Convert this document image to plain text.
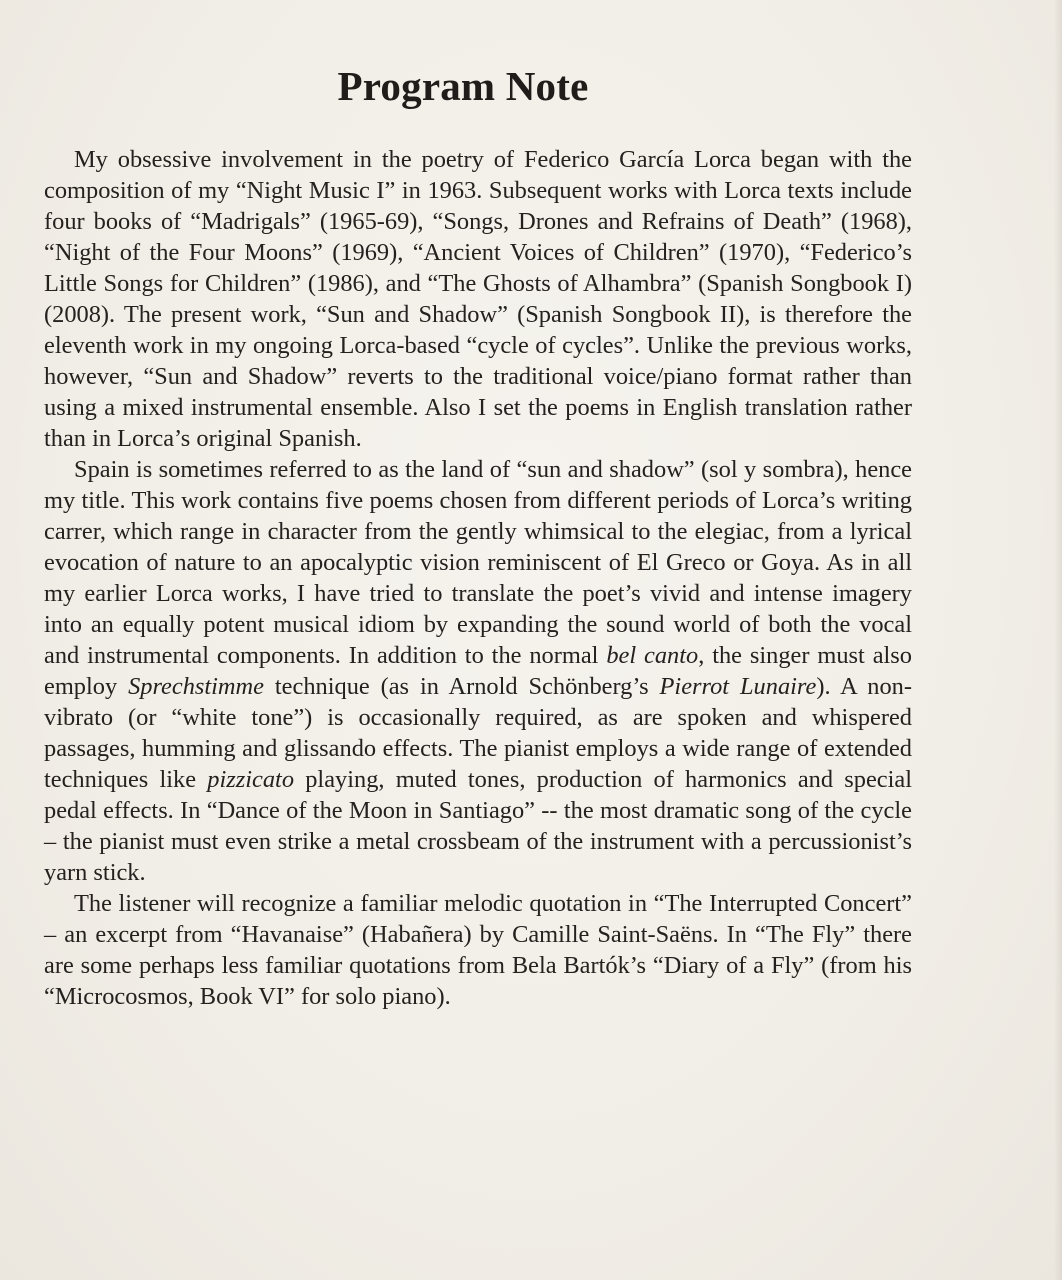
Program Note

My obsessive involvement in the poetry of Federico García Lorca began with the composition of my “Night Music I” in 1963. Subsequent works with Lorca texts include four books of “Madrigals” (1965-69), “Songs, Drones and Refrains of Death” (1968), “Night of the Four Moons” (1969), “Ancient Voices of Children” (1970), “Federico’s Little Songs for Children” (1986), and “The Ghosts of Alhambra” (Spanish Songbook I) (2008). The present work, “Sun and Shadow” (Spanish Songbook II), is therefore the eleventh work in my ongoing Lorca-based “cycle of cycles”. Unlike the previous works, however, “Sun and Shadow” reverts to the traditional voice/piano format rather than using a mixed instrumental ensemble. Also I set the poems in English translation rather than in Lorca’s original Spanish.

Spain is sometimes referred to as the land of “sun and shadow” (sol y sombra), hence my title. This work contains five poems chosen from different periods of Lorca’s writing carrer, which range in character from the gently whimsical to the elegiac, from a lyrical evocation of nature to an apocalyptic vision reminiscent of El Greco or Goya. As in all my earlier Lorca works, I have tried to translate the poet’s vivid and intense imagery into an equally potent musical idiom by expanding the sound world of both the vocal and instrumental components. In addition to the normal bel canto, the singer must also employ Sprechstimme technique (as in Arnold Schönberg’s Pierrot Lunaire). A non-vibrato (or “white tone”) is occasionally required, as are spoken and whispered passages, humming and glissando effects. The pianist employs a wide range of extended techniques like pizzicato playing, muted tones, production of harmonics and special pedal effects. In “Dance of the Moon in Santiago” -- the most dramatic song of the cycle – the pianist must even strike a metal crossbeam of the instrument with a percussionist’s yarn stick.

The listener will recognize a familiar melodic quotation in “The Interrupted Concert” – an excerpt from “Havanaise” (Habañera) by Camille Saint-Saëns. In “The Fly” there are some perhaps less familiar quotations from Bela Bartók’s “Diary of a Fly” (from his “Microcosmos, Book VI” for solo piano).
